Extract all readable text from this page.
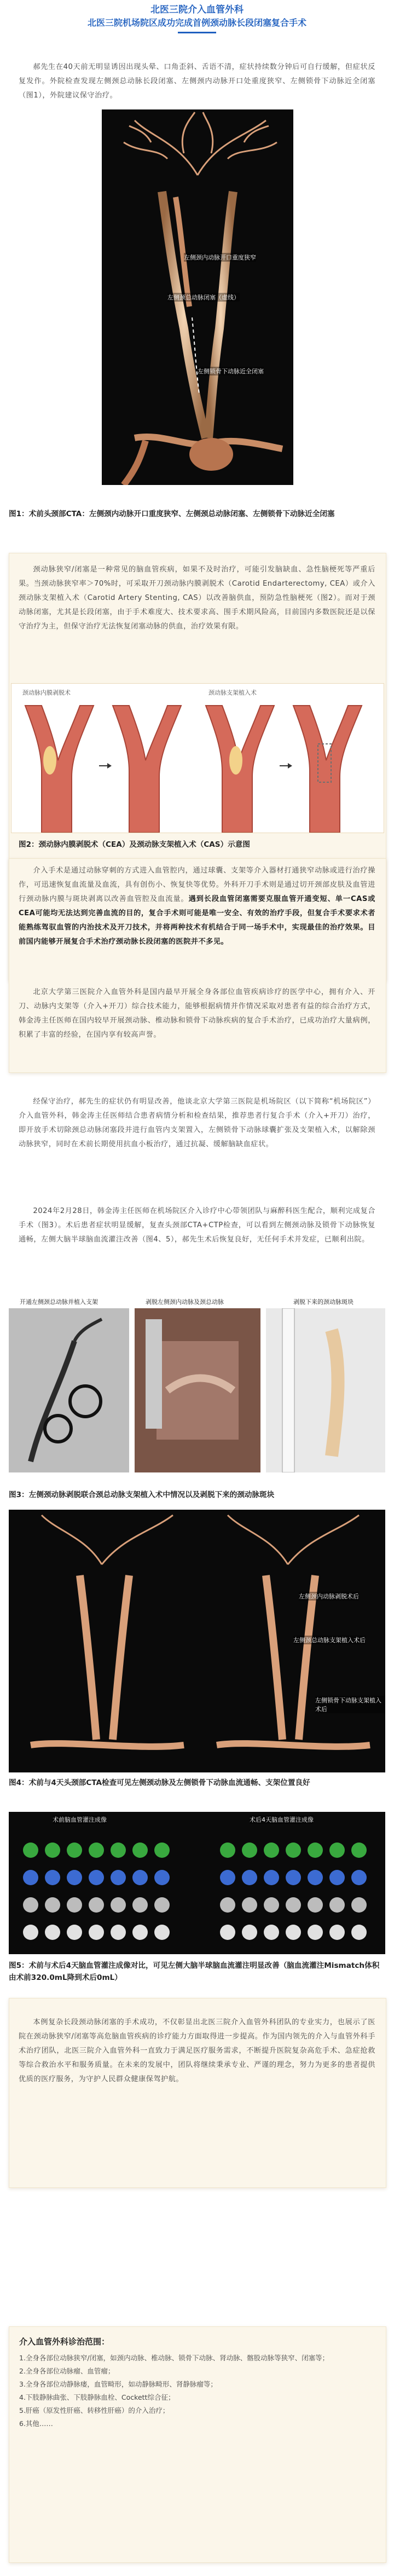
北医三院介入血管外科
北医三院机场院区成功完成首例颈动脉长段闭塞复合手术
郝先生在40天前无明显诱因出现头晕、口角歪斜、舌语不清，症状持续数分钟后可自行缓解，但症状反复发作。外院检查发现左侧颈总动脉长段闭塞、左侧颈内动脉开口处重度狭窄、左侧锁骨下动脉近全闭塞（图1），外院建议保守治疗。
左侧颈内动脉开口重度狭窄
左侧颈总动脉闭塞（虚线）
左侧锁骨下动脉近全闭塞
图1：术前头颈部CTA：左侧颈内动脉开口重度狭窄、左侧颈总动脉闭塞、左侧锁骨下动脉近全闭塞
颈动脉狭窄/闭塞是一种常见的脑血管疾病，如果不及时治疗，可能引发脑缺血、急性脑梗死等严重后果。当颈动脉狭窄率＞70%时，可采取开刀颈动脉内膜剥脱术（Carotid Endarterectomy, CEA）或介入颈动脉支架植入术（Carotid Artery Stenting, CAS）以改善脑供血，预防急性脑梗死（图2）。而对于颈动脉闭塞，尤其是长段闭塞，由于手术难度大、技术要求高、围手术期风险高，目前国内多数医院还是以保守治疗为主，但保守治疗无法恢复闭塞动脉的供血，治疗效果有限。
颈动脉内膜剥脱术	颈动脉支架植入术
图2：颈动脉内膜剥脱术（CEA）及颈动脉支架植入术（CAS）示意图
介入手术是通过动脉穿刺的方式进入血管腔内，通过球囊、支架等介入器材打通狭窄动脉或进行治疗操作，可迅速恢复血流量及血流，具有创伤小、恢复快等优势。外科开刀手术则是通过切开颈部皮肤及血管进行颈动脉内膜与斑块剥离以改善血管腔及血流量。遇到长段血管闭塞需要克服血管开通变短、单一CAS或CEA可能均无法达到完善血流的目的，复合手术则可能是唯一安全、有效的治疗手段，但复合手术要求术者能熟练驾驭血管的内治技术及开刀技术，并将两种技术有机结合于同一场手术中，实现最佳的治疗效果。目前国内能够开展复合手术治疗颈动脉长段闭塞的医院并不多见。
北京大学第三医院介入血管外科是国内最早开展全身各部位血管疾病诊疗的医学中心，拥有介入、开刀、动脉内支架等（介入+开刀）综合技术能力，能够根据病情并作情况采取对患者有益的综合治疗方式，韩金涛主任医师在国内较早开展颈动脉、椎动脉和锁骨下动脉疾病的复合手术治疗，已成功治疗大量病例，积累了丰富的经验，在国内享有较高声誉。
经保守治疗，郝先生的症状仍有明显改善，他谈北京大学第三医院是机场院区（以下简称“机场院区”）介入血管外科，韩金涛主任医师结合患者病情分析和检查结果，推荐患者行复合手术（介入+开刀）治疗，即开放手术切除颈总动脉闭塞段并进行血管内支架置入，左侧锁骨下动脉球囊扩张及支架植入术，以解除颈动脉狭窄，同时在术前长期使用抗血小板治疗，通过抗凝、缓解脑缺血症状。
2024年2月28日，韩金涛主任医师在机场院区介入诊疗中心带领团队与麻醉科医生配合，顺利完成复合手术（图3）。术后患者症状明显缓解，复查头颈部CTA+CTP检查，可以看到左侧颈动脉及锁骨下动脉恢复通畅，左侧大脑半球脑血流灌注改善（图4、5），郝先生术后恢复良好，无任何手术并发症，已顺利出院。
开通左侧颈总动脉并植入支架	剥脱左侧颈内动脉及颈总动脉	剥脱下来的颈动脉斑块
图3：左侧颈动脉剥脱联合颈总动脉支架植入术中情况以及剥脱下来的颈动脉斑块
左侧颈内动脉剥脱术后
左侧颈总动脉支架植入术后
左侧锁骨下动脉支架植入术后
图4：术前与4天头颈部CTA检查可见左侧颈动脉及左侧锁骨下动脉血流通畅、支架位置良好
术前脑血管灌注成像	术后4天脑血管灌注成像
图5：术前与术后4天脑血管灌注成像对比，可见左侧大脑半球脑血流灌注明显改善（脑血流灌注Mismatch体积由术前320.0mL降到术后0mL）
本例复杂长段颈动脉闭塞的手术成功，不仅彰显出北医三院介入血管外科团队的专业实力，也展示了医院在颈动脉狭窄/闭塞等高危脑血管疾病的诊疗能力方面取得进一步提高。作为国内领先的介入与血管外科手术治疗团队，北医三院介入血管外科一直致力于满足医疗服务需求，不断提升医院复杂高危手术、急症抢救等综合救治水平和服务质量。在未来的发展中，团队将继续秉承专业、严谨的理念，努力为更多的患者提供优质的医疗服务，为守护人民群众健康保驾护航。
介入血管外科诊治范围：
1.全身各部位动脉狭窄/闭塞，如颈内动脉、椎动脉、锁骨下动脉、肾动脉、髂股动脉等狭窄、闭塞等；
2.全身各部位动脉瘤、血管瘤；
3.全身各部位动静脉瘘，血管畸形，如动静脉畸形、肾静脉瘤等；
4.下肢静脉曲张、下肢静脉血栓、Cockett综合征；
5.肝癌（原发性肝癌、转移性肝癌）的介入治疗；
6.其他……
